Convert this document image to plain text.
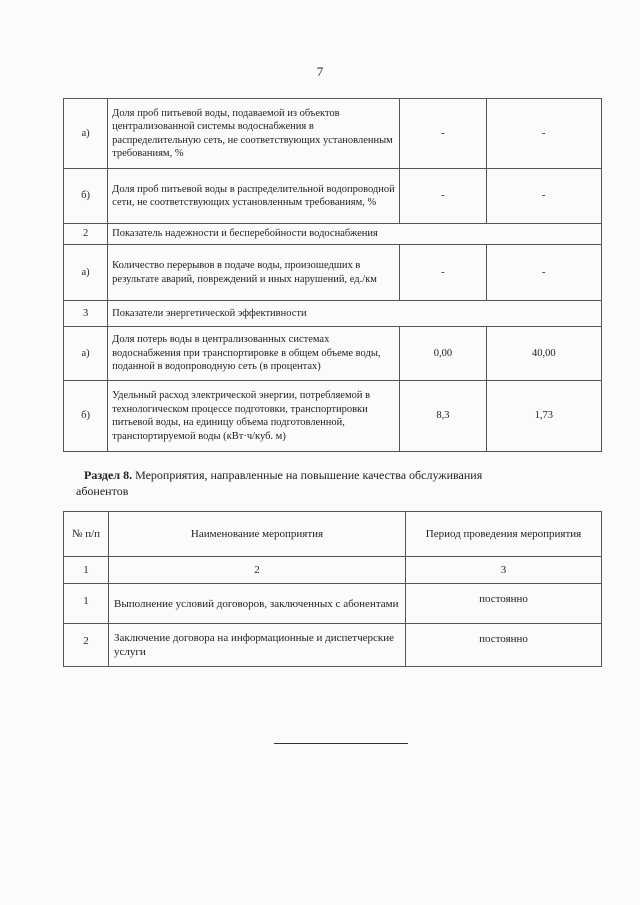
7
а)	Доля проб питьевой воды, подаваемой из объектов централизованной системы водоснабжения в распределительную сеть, не соответствующих установленным требованиям, %	-	-
б)	Доля проб питьевой воды в распределительной водопроводной сети, не соответствующих установленным требованиям, %	-	-
2	Показатель надежности и бесперебойности водоснабжения		
а)	Количество перерывов в подаче воды, произошедших в результате аварий, повреждений и иных нарушений, ед./км	-	-
3	Показатели энергетической эффективности		
а)	Доля потерь воды в централизованных системах водоснабжения при транспортировке в общем объеме воды, поданной в водопроводную сеть (в процентах)	0,00	40,00
б)	Удельный расход электрической энергии, потребляемой в технологическом процессе подготовки, транспортировки питьевой воды, на единицу объема подготовленной, транспортируемой воды (кВт·ч/куб. м)	8,3	1,73
Раздел 8. Мероприятия, направленные на повышение качества обслуживания
абонентов
№ п/п	Наименование мероприятия	Период проведения мероприятия
1	2	3
1	Выполнение условий договоров, заключенных с абонентами	постоянно
2	Заключение договора на информационные и диспетчерские услуги	постоянно
